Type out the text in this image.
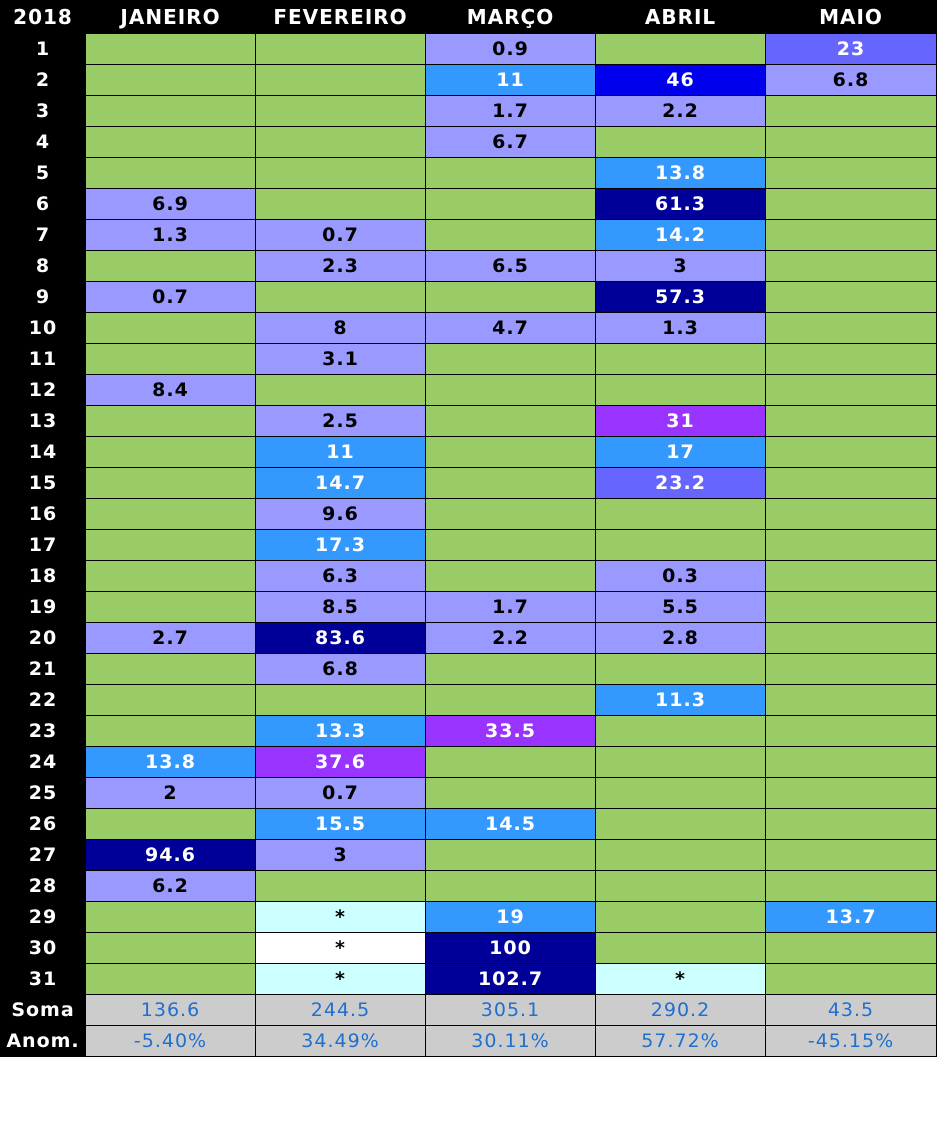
2018	JANEIRO	FEVEREIRO	MARÇO	ABRIL	MAIO
1			0.9		23
2			11	46	6.8
3			1.7	2.2	
4			6.7		
5				13.8	
6	6.9			61.3	
7	1.3	0.7		14.2	
8		2.3	6.5	3	
9	0.7			57.3	
10		8	4.7	1.3	
11		3.1			
12	8.4				
13		2.5		31	
14		11		17	
15		14.7		23.2	
16		9.6			
17		17.3			
18		6.3		0.3	
19		8.5	1.7	5.5	
20	2.7	83.6	2.2	2.8	
21		6.8			
22				11.3	
23		13.3	33.5		
24	13.8	37.6			
25	2	0.7			
26		15.5	14.5		
27	94.6	3			
28	6.2				
29		*	19		13.7
30		*	100		
31		*	102.7	*	
Soma	136.6	244.5	305.1	290.2	43.5
Anom.	-5.40%	34.49%	30.11%	57.72%	-45.15%
